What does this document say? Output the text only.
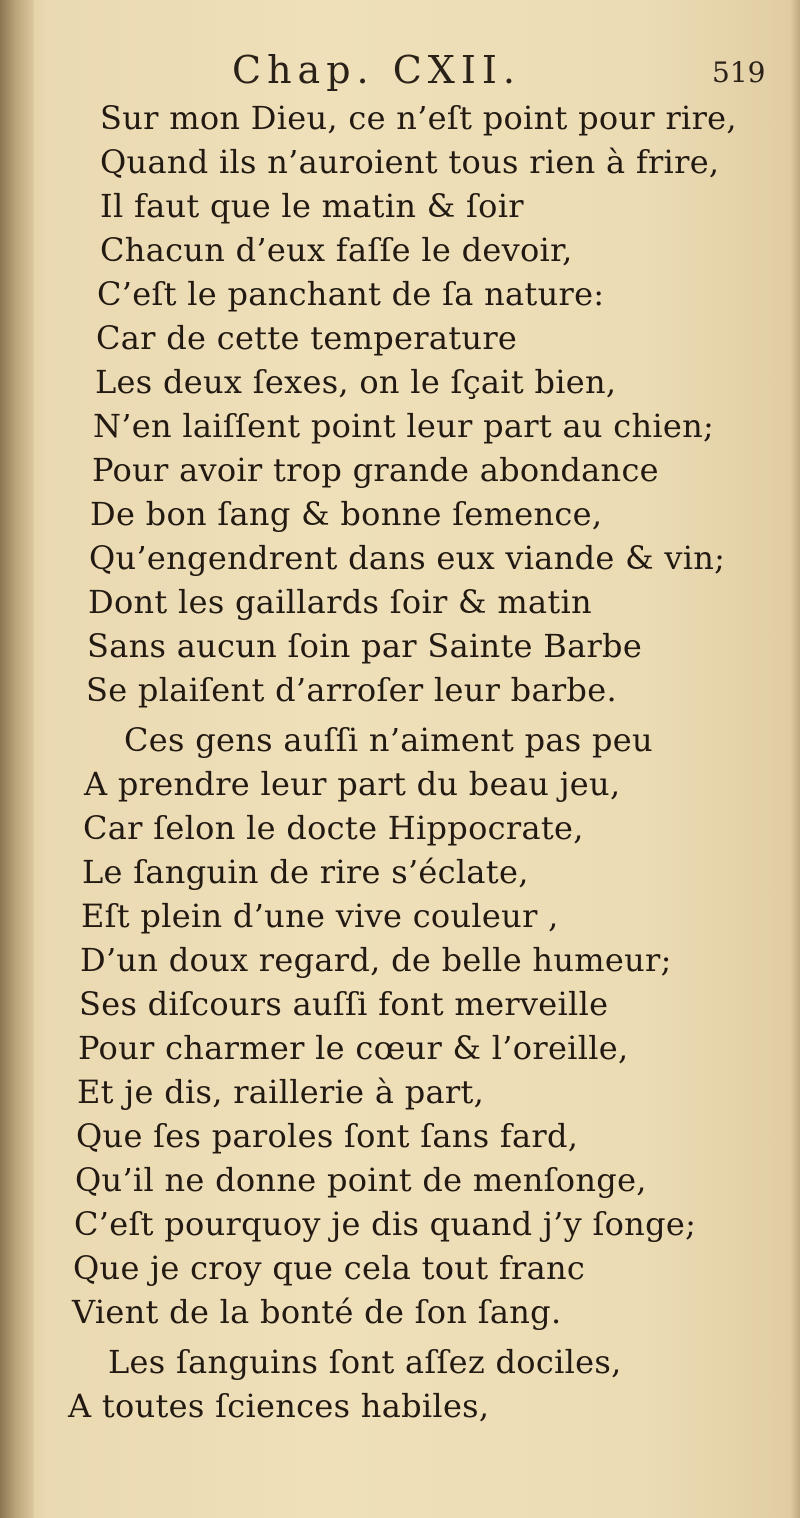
Chap. CXII.	519
Sur mon Dieu, ce n’eſt point pour rire,
Quand ils n’auroient tous rien à frire,
Il faut que le matin & ſoir
Chacun d’eux faſſe le devoir,
C’eſt le panchant de ſa nature:
Car de cette temperature
Les deux ſexes, on le ſçait bien,
N’en laiſſent point leur part au chien;
Pour avoir trop grande abondance
De bon ſang & bonne ſemence,
Qu’engendrent dans eux viande & vin;
Dont les gaillards ſoir & matin
Sans aucun ſoin par Sainte Barbe
Se plaiſent d’arroſer leur barbe.
Ces gens auſſi n’aiment pas peu
A prendre leur part du beau jeu,
Car ſelon le docte Hippocrate,
Le ſanguin de rire s’éclate,
Eſt plein d’une vive couleur ,
D’un doux regard, de belle humeur;
Ses diſcours auſſi font merveille
Pour charmer le cœur & l’oreille,
Et je dis, raillerie à part,
Que ſes paroles ſont ſans fard,
Qu’il ne donne point de menſonge,
C’eſt pourquoy je dis quand j’y ſonge;
Que je croy que cela tout franc
Vient de la bonté de ſon ſang.
Les ſanguins ſont aſſez dociles,
A toutes ſciences habiles,
